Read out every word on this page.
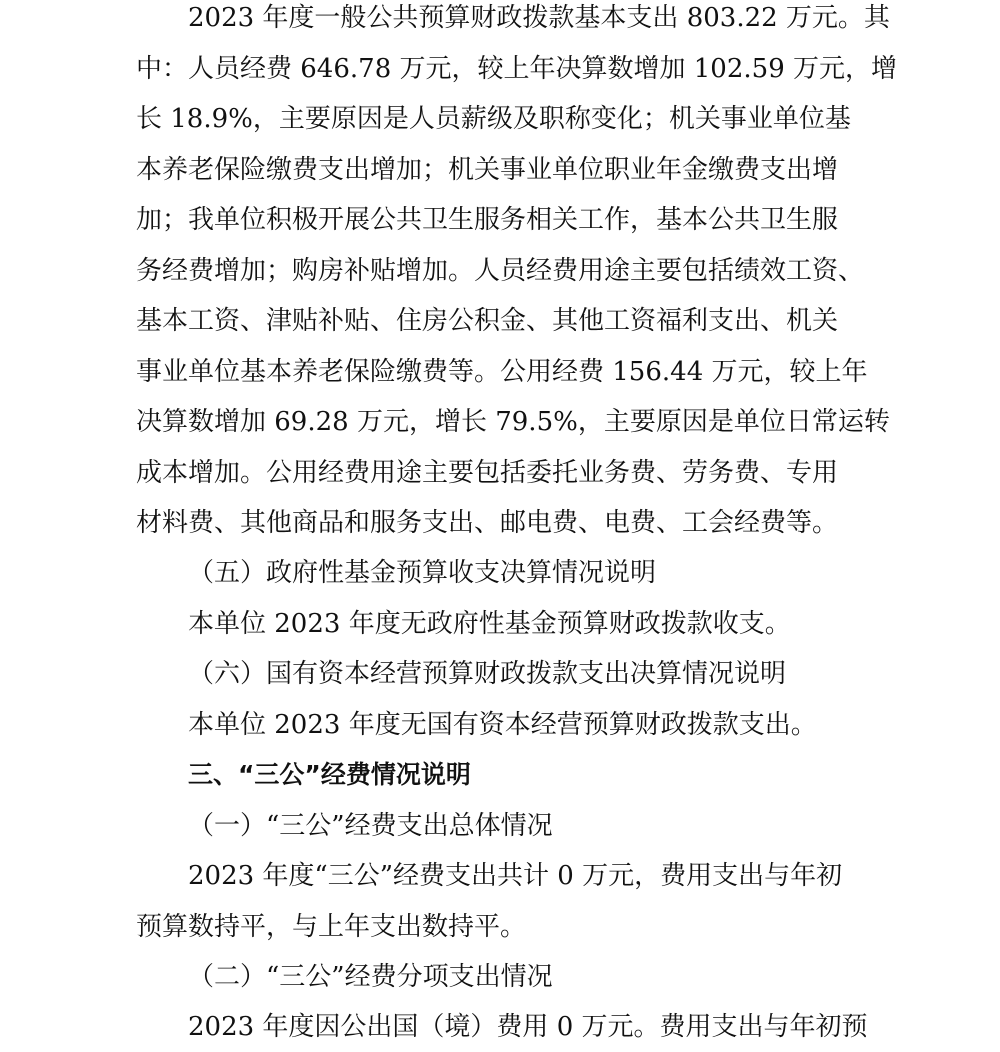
2023 年度一般公共预算财政拨款基本支出 803.22 万元。其
中：人员经费 646.78 万元，较上年决算数增加 102.59 万元，增
长 18.9%，主要原因是人员薪级及职称变化；机关事业单位基
本养老保险缴费支出增加；机关事业单位职业年金缴费支出增
加；我单位积极开展公共卫生服务相关工作，基本公共卫生服
务经费增加；购房补贴增加。人员经费用途主要包括绩效工资、
基本工资、津贴补贴、住房公积金、其他工资福利支出、机关
事业单位基本养老保险缴费等。公用经费 156.44 万元，较上年
决算数增加 69.28 万元，增长 79.5%，主要原因是单位日常运转
成本增加。公用经费用途主要包括委托业务费、劳务费、专用
材料费、其他商品和服务支出、邮电费、电费、工会经费等。
（五）政府性基金预算收支决算情况说明
本单位 2023 年度无政府性基金预算财政拨款收支。
（六）国有资本经营预算财政拨款支出决算情况说明
本单位 2023 年度无国有资本经营预算财政拨款支出。
三、“三公”经费情况说明
（一）“三公”经费支出总体情况
2023 年度“三公”经费支出共计 0 万元，费用支出与年初
预算数持平，与上年支出数持平。
（二）“三公”经费分项支出情况
2023 年度因公出国（境）费用 0 万元。费用支出与年初预
